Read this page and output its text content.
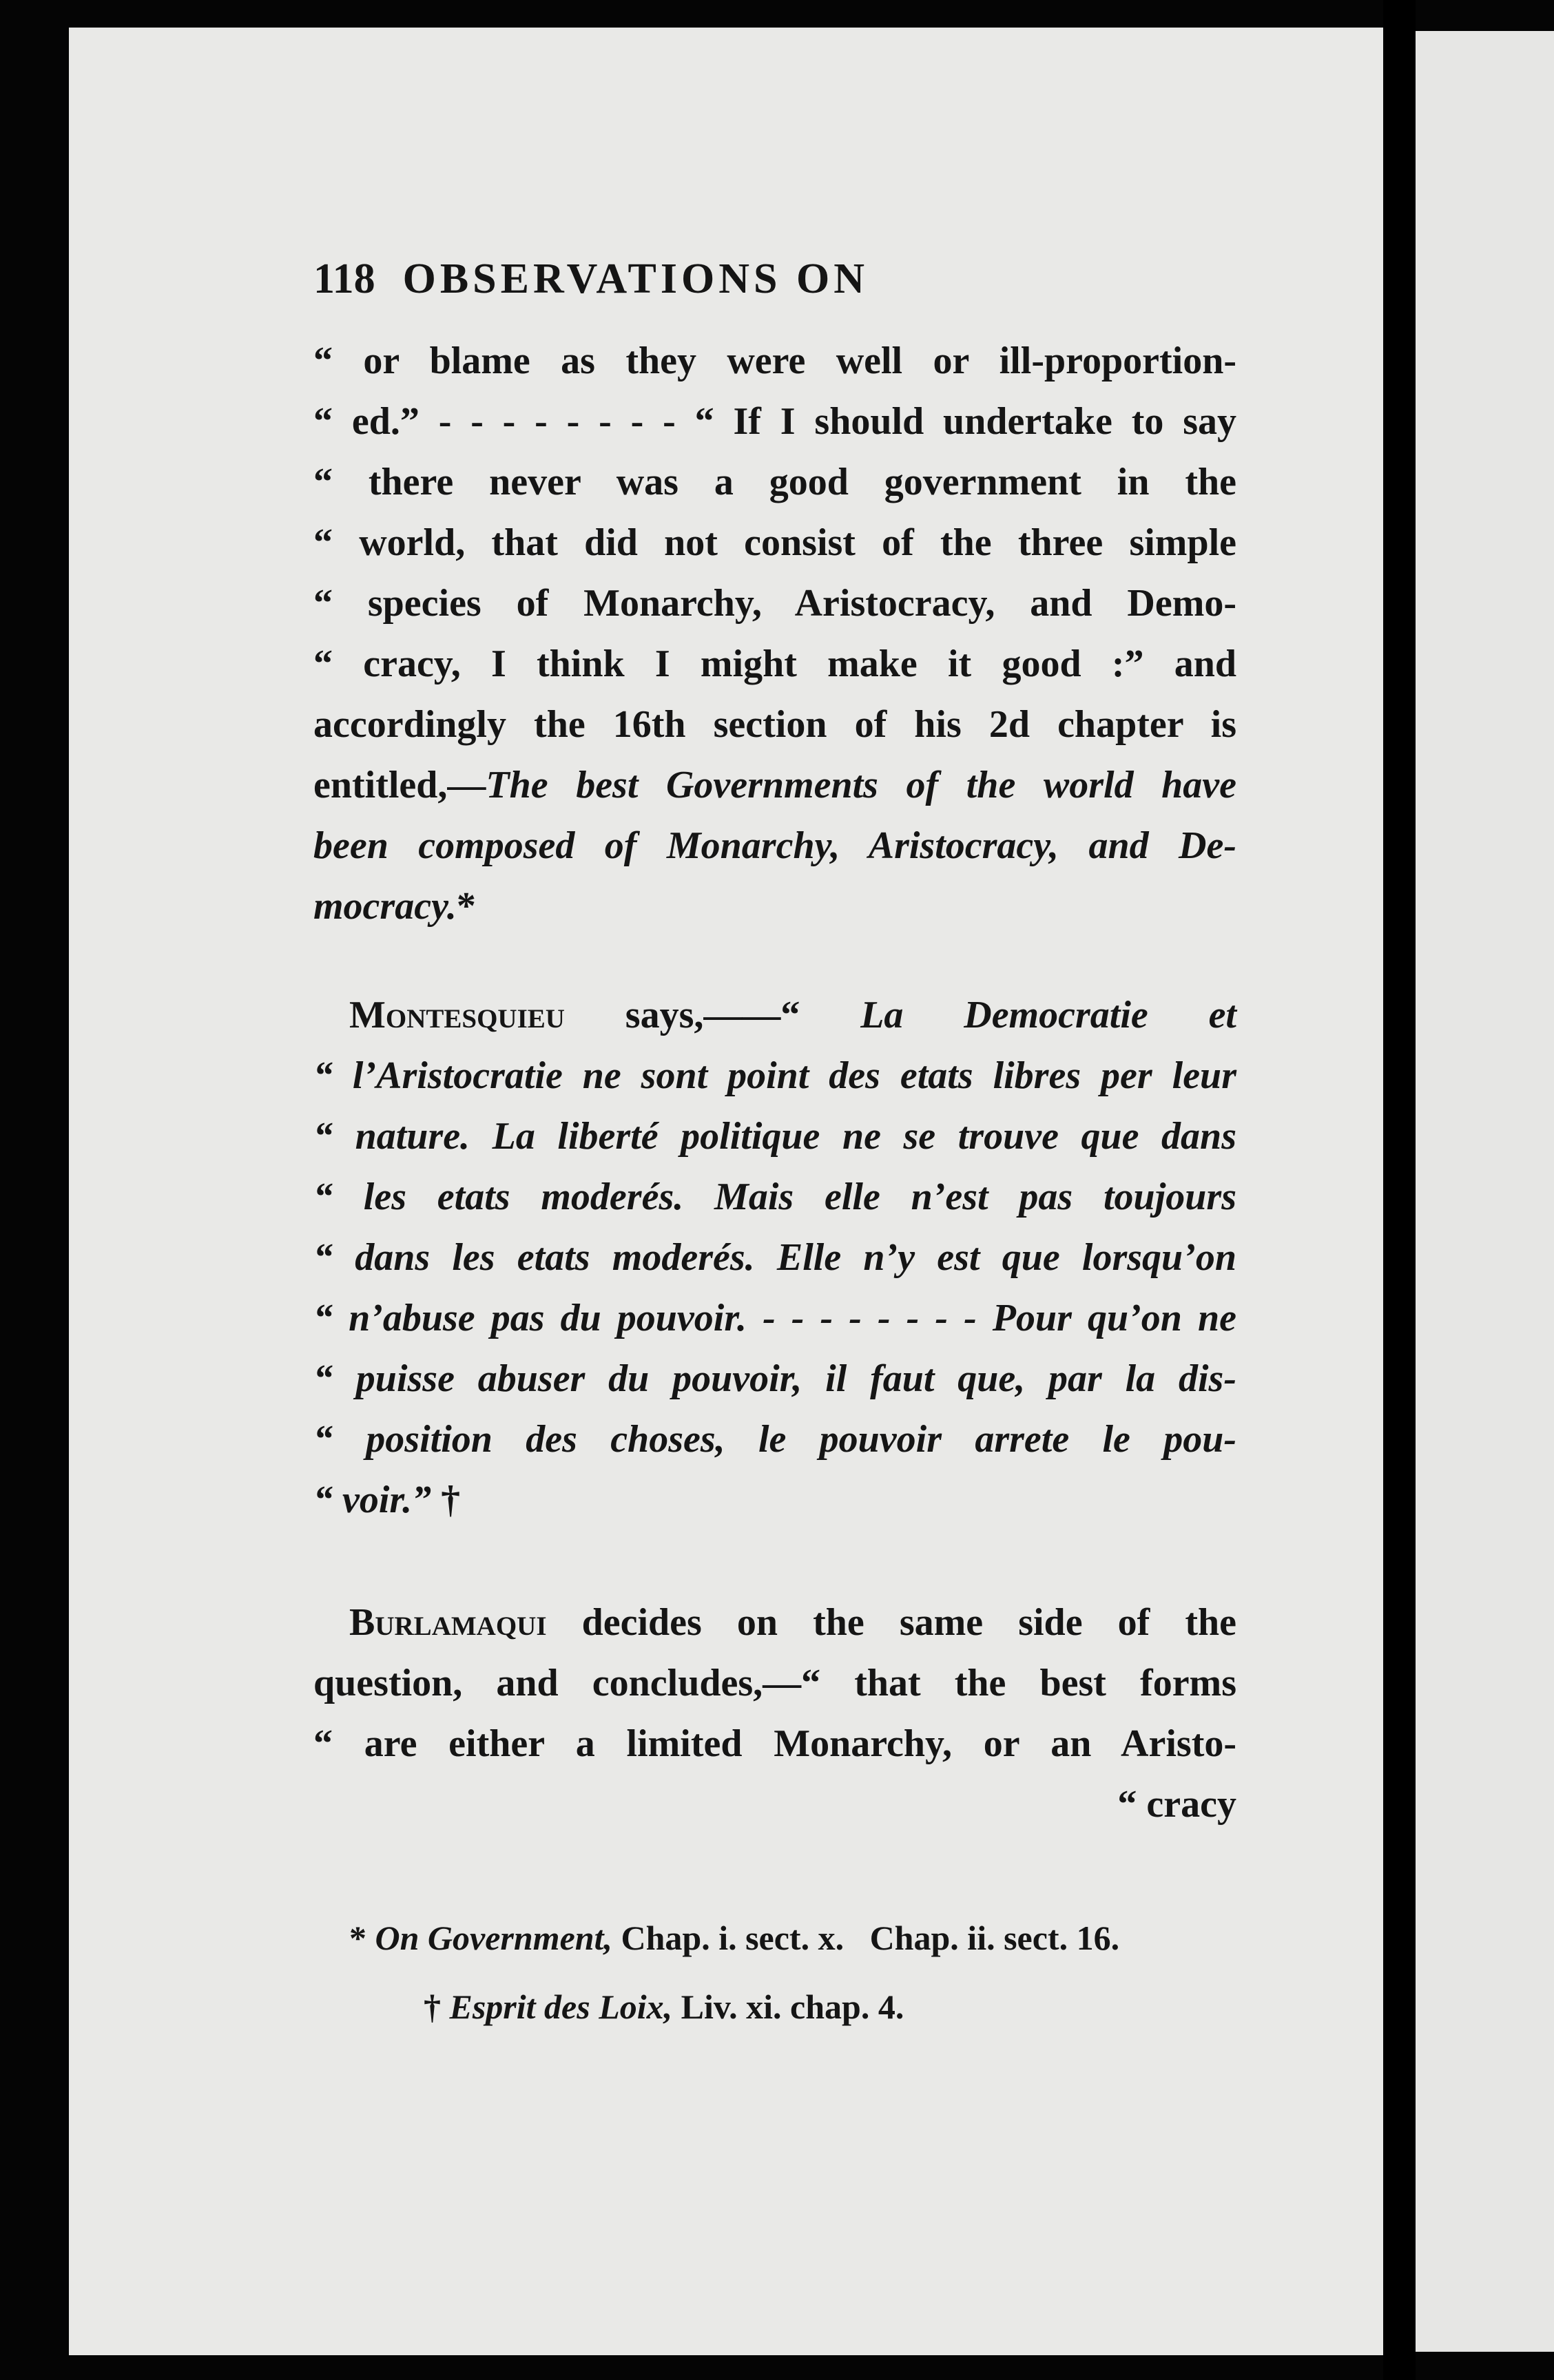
118 OBSERVATIONS ON
“ or blame as they were well or ill-proportion-
“ ed.” - - - - - - - - “ If I should undertake to say
“ there never was a good government in the
“ world, that did not consist of the three simple
“ species of Monarchy, Aristocracy, and Demo-
“ cracy, I think I might make it good :” and
accordingly the 16th section of his 2d chapter is
entitled,—The best Governments of the world have
been composed of Monarchy, Aristocracy, and De-
mocracy.*
Montesquieu says,——“ La Democratie et
“ l’Aristocratie ne sont point des etats libres per leur
“ nature. La liberté politique ne se trouve que dans
“ les etats moderés. Mais elle n’est pas toujours
“ dans les etats moderés. Elle n’y est que lorsqu’on
“ n’abuse pas du pouvoir. - - - - - - - - Pour qu’on ne
“ puisse abuser du pouvoir, il faut que, par la dis-
“ position des choses, le pouvoir arrete le pou-
“ voir.” †
Burlamaqui decides on the same side of the
question, and concludes,—“ that the best forms
“ are either a limited Monarchy, or an Aristo-
“ cracy
* On Government, Chap. i. sect. x.   Chap. ii. sect. 16.
† Esprit des Loix, Liv. xi. chap. 4.
